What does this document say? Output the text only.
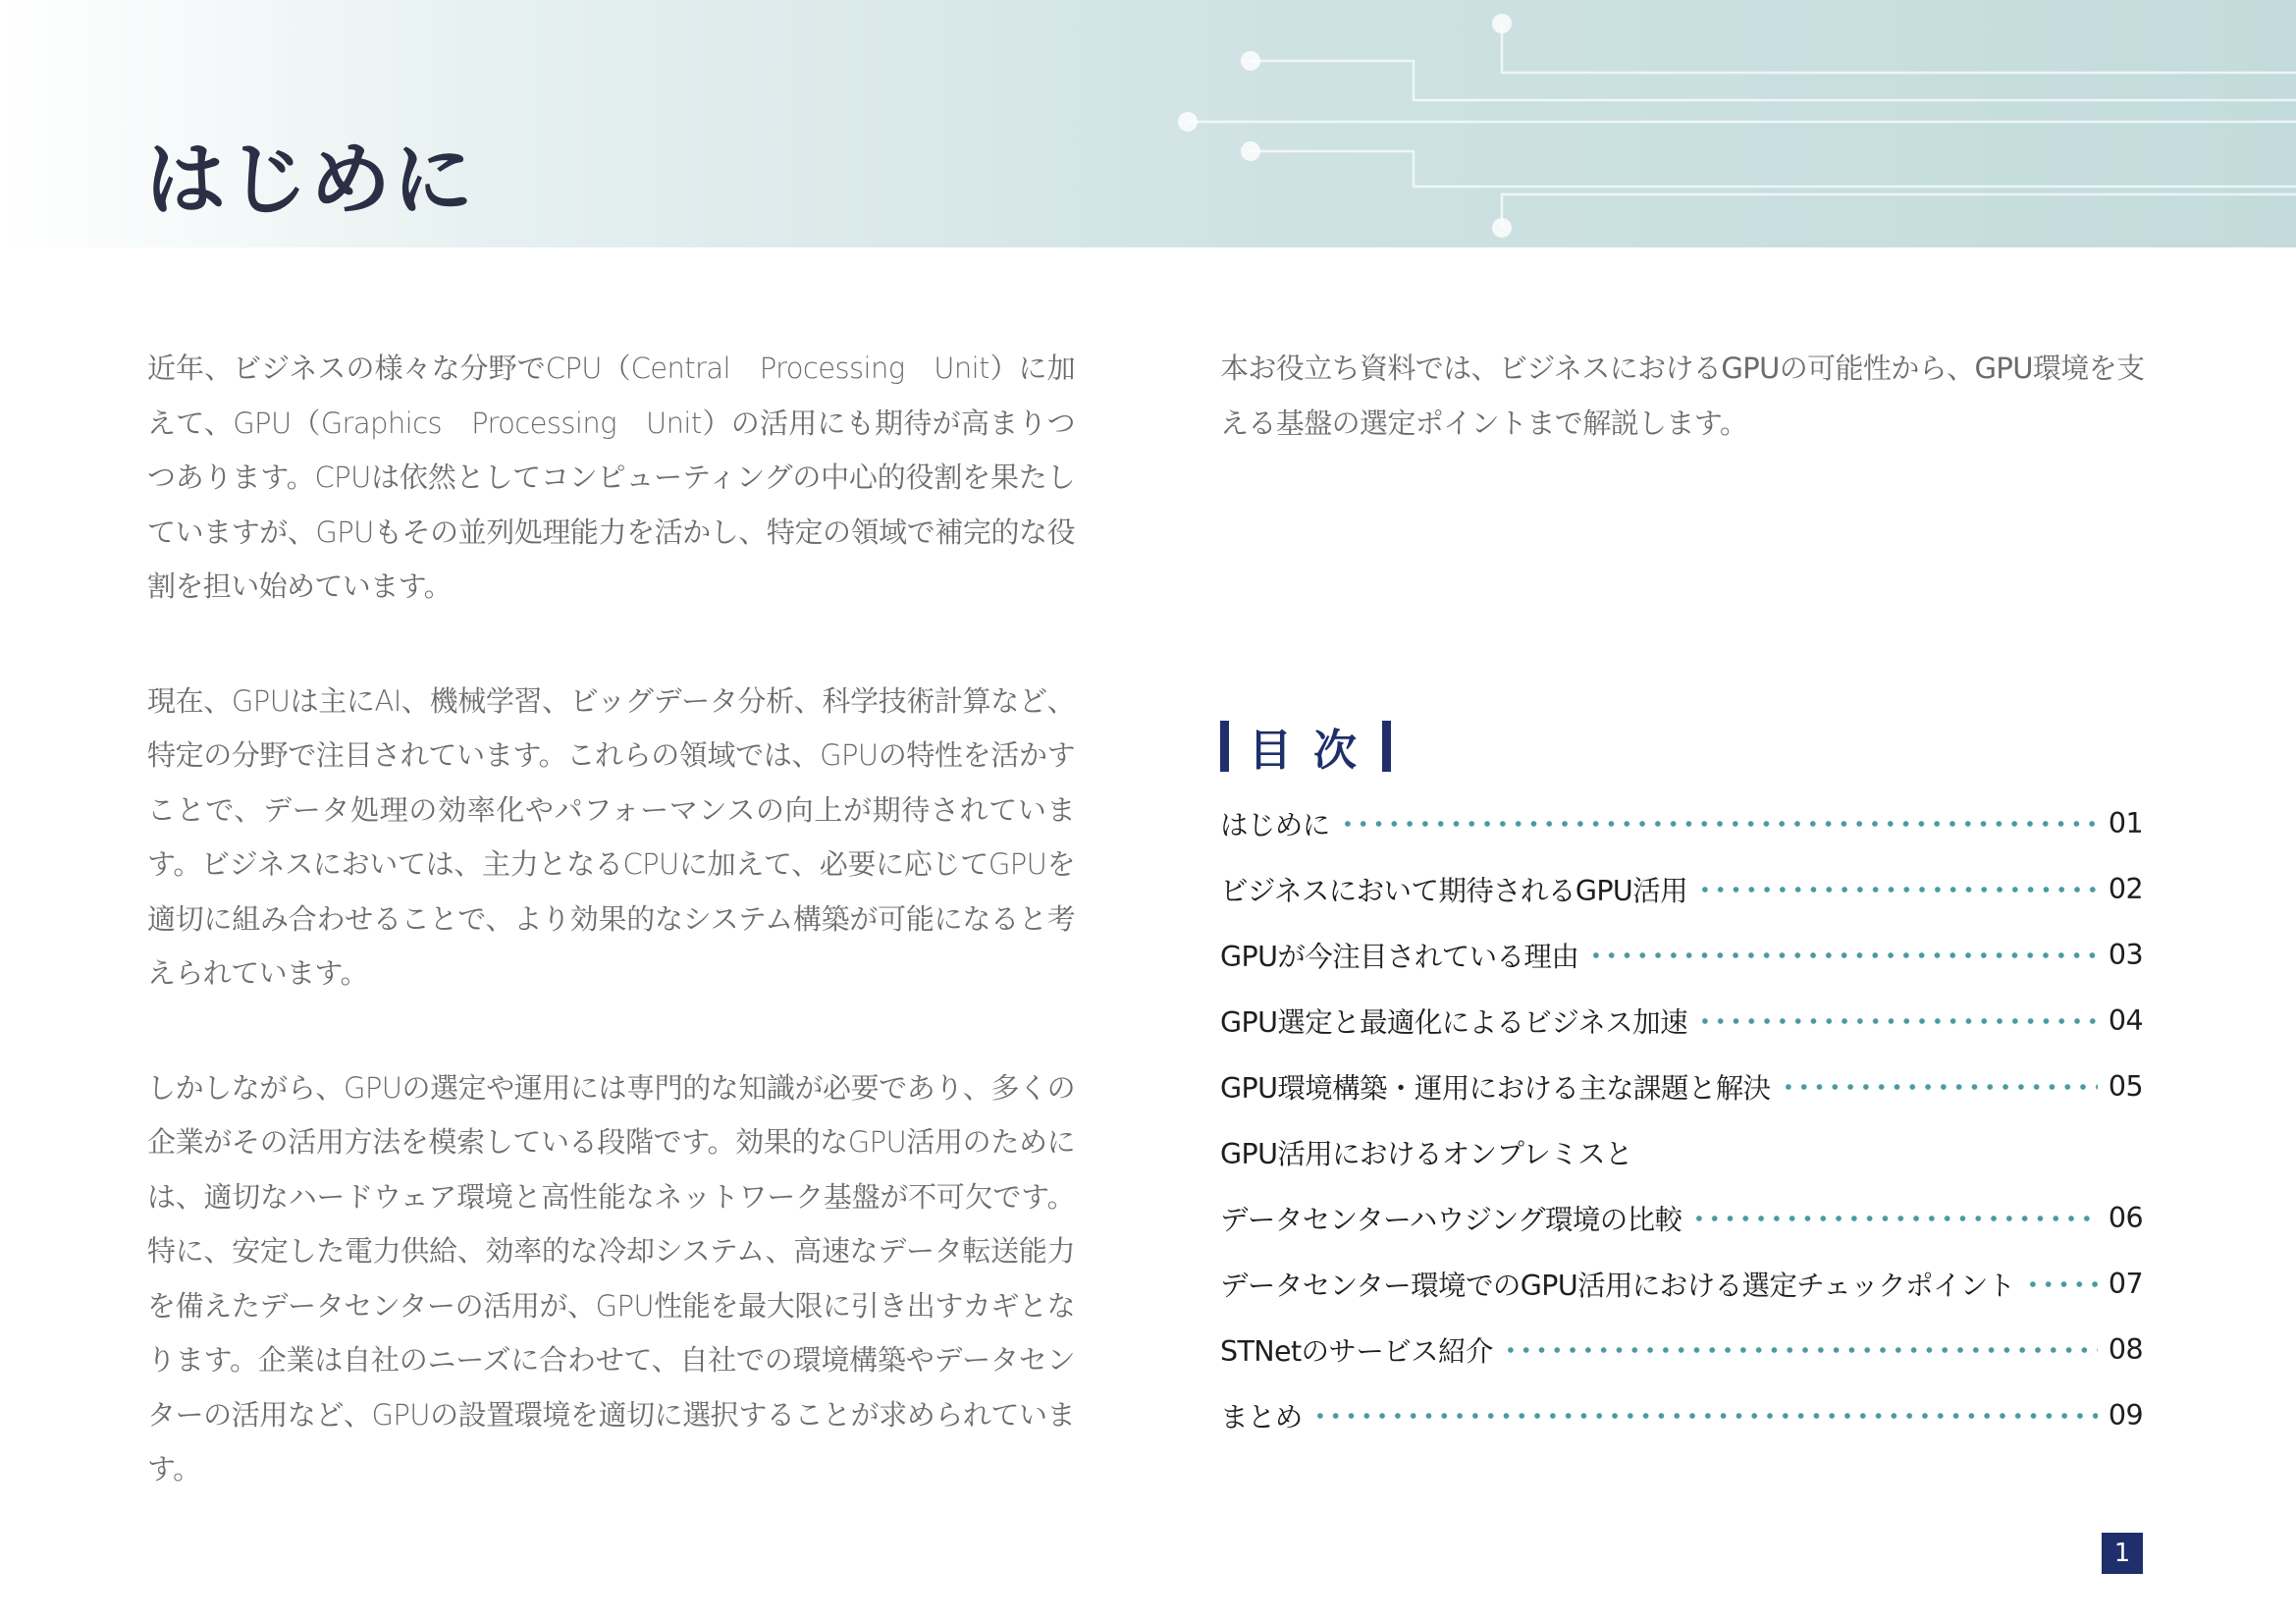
はじめに

近年、ビジネスの様々な分野でCPU（Central　Processing　Unit）に加えて、GPU（Graphics　Processing　Unit）の活用にも期待が高まりつつあります。CPUは依然としてコンピューティングの中心的役割を果たしていますが、GPUもその並列処理能力を活かし、特定の領域で補完的な役割を担い始めています。

現在、GPUは主にAI、機械学習、ビッグデータ分析、科学技術計算など、特定の分野で注目されています。これらの領域では、GPUの特性を活かすことで、データ処理の効率化やパフォーマンスの向上が期待されています。ビジネスにおいては、主力となるCPUに加えて、必要に応じてGPUを適切に組み合わせることで、より効果的なシステム構築が可能になると考えられています。

しかしながら、GPUの選定や運用には専門的な知識が必要であり、多くの企業がその活用方法を模索している段階です。効果的なGPU活用のためには、適切なハードウェア環境と高性能なネットワーク基盤が不可欠です。特に、安定した電力供給、効率的な冷却システム、高速なデータ転送能力を備えたデータセンターの活用が、GPU性能を最大限に引き出すカギとなります。企業は自社のニーズに合わせて、自社での環境構築やデータセンターの活用など、GPUの設置環境を適切に選択することが求められています。

本お役立ち資料では、ビジネスにおけるGPUの可能性から、GPU環境を支える基盤の選定ポイントまで解説します。

目次
はじめに	01
ビジネスにおいて期待されるGPU活用	02
GPUが今注目されている理由	03
GPU選定と最適化によるビジネス加速	04
GPU環境構築・運用における主な課題と解決	05
GPU活用におけるオンプレミスと
データセンターハウジング環境の比較	06
データセンター環境でのGPU活用における選定チェックポイント	07
STNetのサービス紹介	08
まとめ	09
1
